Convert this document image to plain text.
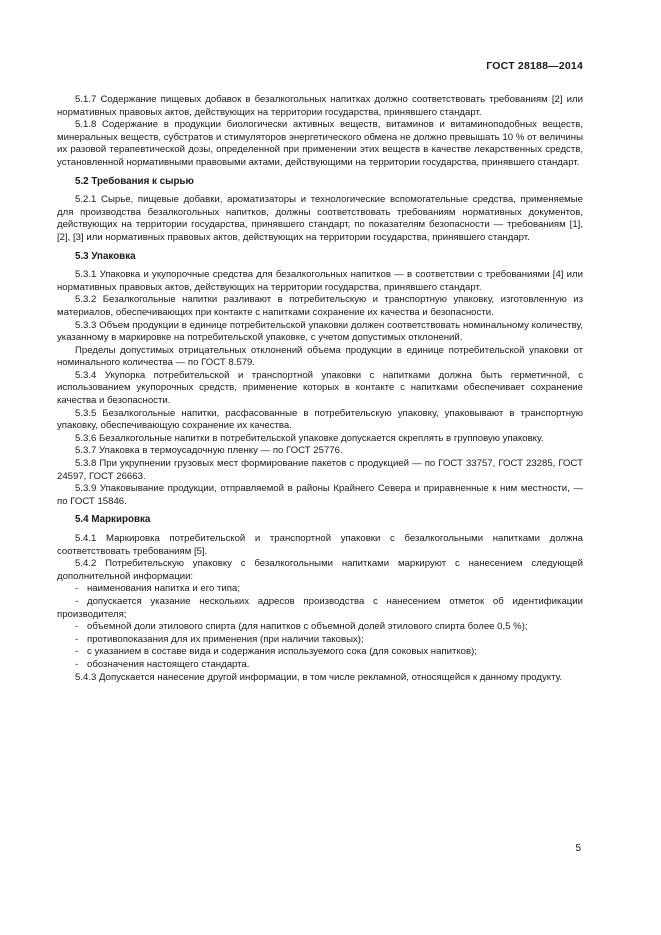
ГОСТ 28188—2014

5.1.7 Содержание пищевых добавок в безалкогольных напитках должно соответствовать требованиям [2] или нормативных правовых актов, действующих на территории государства, принявшего стандарт.

5.1.8 Содержание в продукции биологически активных веществ, витаминов и витаминоподобных веществ, минеральных веществ, субстратов и стимуляторов энергетического обмена не должно превышать 10 % от величины их разовой терапевтической дозы, определенной при применении этих веществ в качестве лекарственных средств, установленной нормативными правовыми актами, действующими на территории государства, принявшего стандарт.

5.2 Требования к сырью

5.2.1 Сырье, пищевые добавки, ароматизаторы и технологические вспомогательные средства, применяемые для производства безалкогольных напитков, должны соответствовать требованиям нормативных документов, действующих на территории государства, принявшего стандарт, по показателям безопасности — требованиям [1], [2], [3] или нормативных правовых актов, действующих на территории государства, принявшего стандарт.

5.3 Упаковка

5.3.1 Упаковка и укупорочные средства для безалкогольных напитков — в соответствии с требованиями [4] или нормативных правовых актов, действующих на территории государства, принявшего стандарт.

5.3.2 Безалкогольные напитки разливают в потребительскую и транспортную упаковку, изготовленную из материалов, обеспечивающих при контакте с напитками сохранение их качества и безопасности.

5.3.3 Объем продукции в единице потребительской упаковки должен соответствовать номинальному количеству, указанному в маркировке на потребительской упаковке, с учетом допустимых отклонений.

Пределы допустимых отрицательных отклонений объема продукции в единице потребительской упаковки от номинального количества — по ГОСТ 8.579.

5.3.4 Укупорка потребительской и транспортной упаковки с напитками должна быть герметичной, с использованием укупорочных средств, применение которых в контакте с напитками обеспечивает сохранение качества и безопасности.

5.3.5 Безалкогольные напитки, расфасованные в потребительскую упаковку, упаковывают в транспортную упаковку, обеспечивающую сохранение их качества.

5.3.6 Безалкогольные напитки в потребительской упаковке допускается скреплять в групповую упаковку.

5.3.7 Упаковка в термоусадочную пленку — по ГОСТ 25776.

5.3.8 При укрупнении грузовых мест формирование пакетов с продукцией — по ГОСТ 33757, ГОСТ 23285, ГОСТ 24597, ГОСТ 26663.

5.3.9 Упаковывание продукции, отправляемой в районы Крайнего Севера и приравненные к ним местности, — по ГОСТ 15846.

5.4 Маркировка

5.4.1 Маркировка потребительской и транспортной упаковки с безалкогольными напитками должна соответствовать требованиям [5].

5.4.2 Потребительскую упаковку с безалкогольными напитками маркируют с нанесением следующей дополнительной информации:

- наименования напитка и его типа;

- допускается указание нескольких адресов производства с нанесением отметок об идентификации производителя;

- объемной доли этилового спирта (для напитков с объемной долей этилового спирта более 0,5 %);

- противопоказания для их применения (при наличии таковых);

- с указанием в составе вида и содержания используемого сока (для соковых напитков);

- обозначения настоящего стандарта.

5.4.3 Допускается нанесение другой информации, в том числе рекламной, относящейся к данному продукту.

5
